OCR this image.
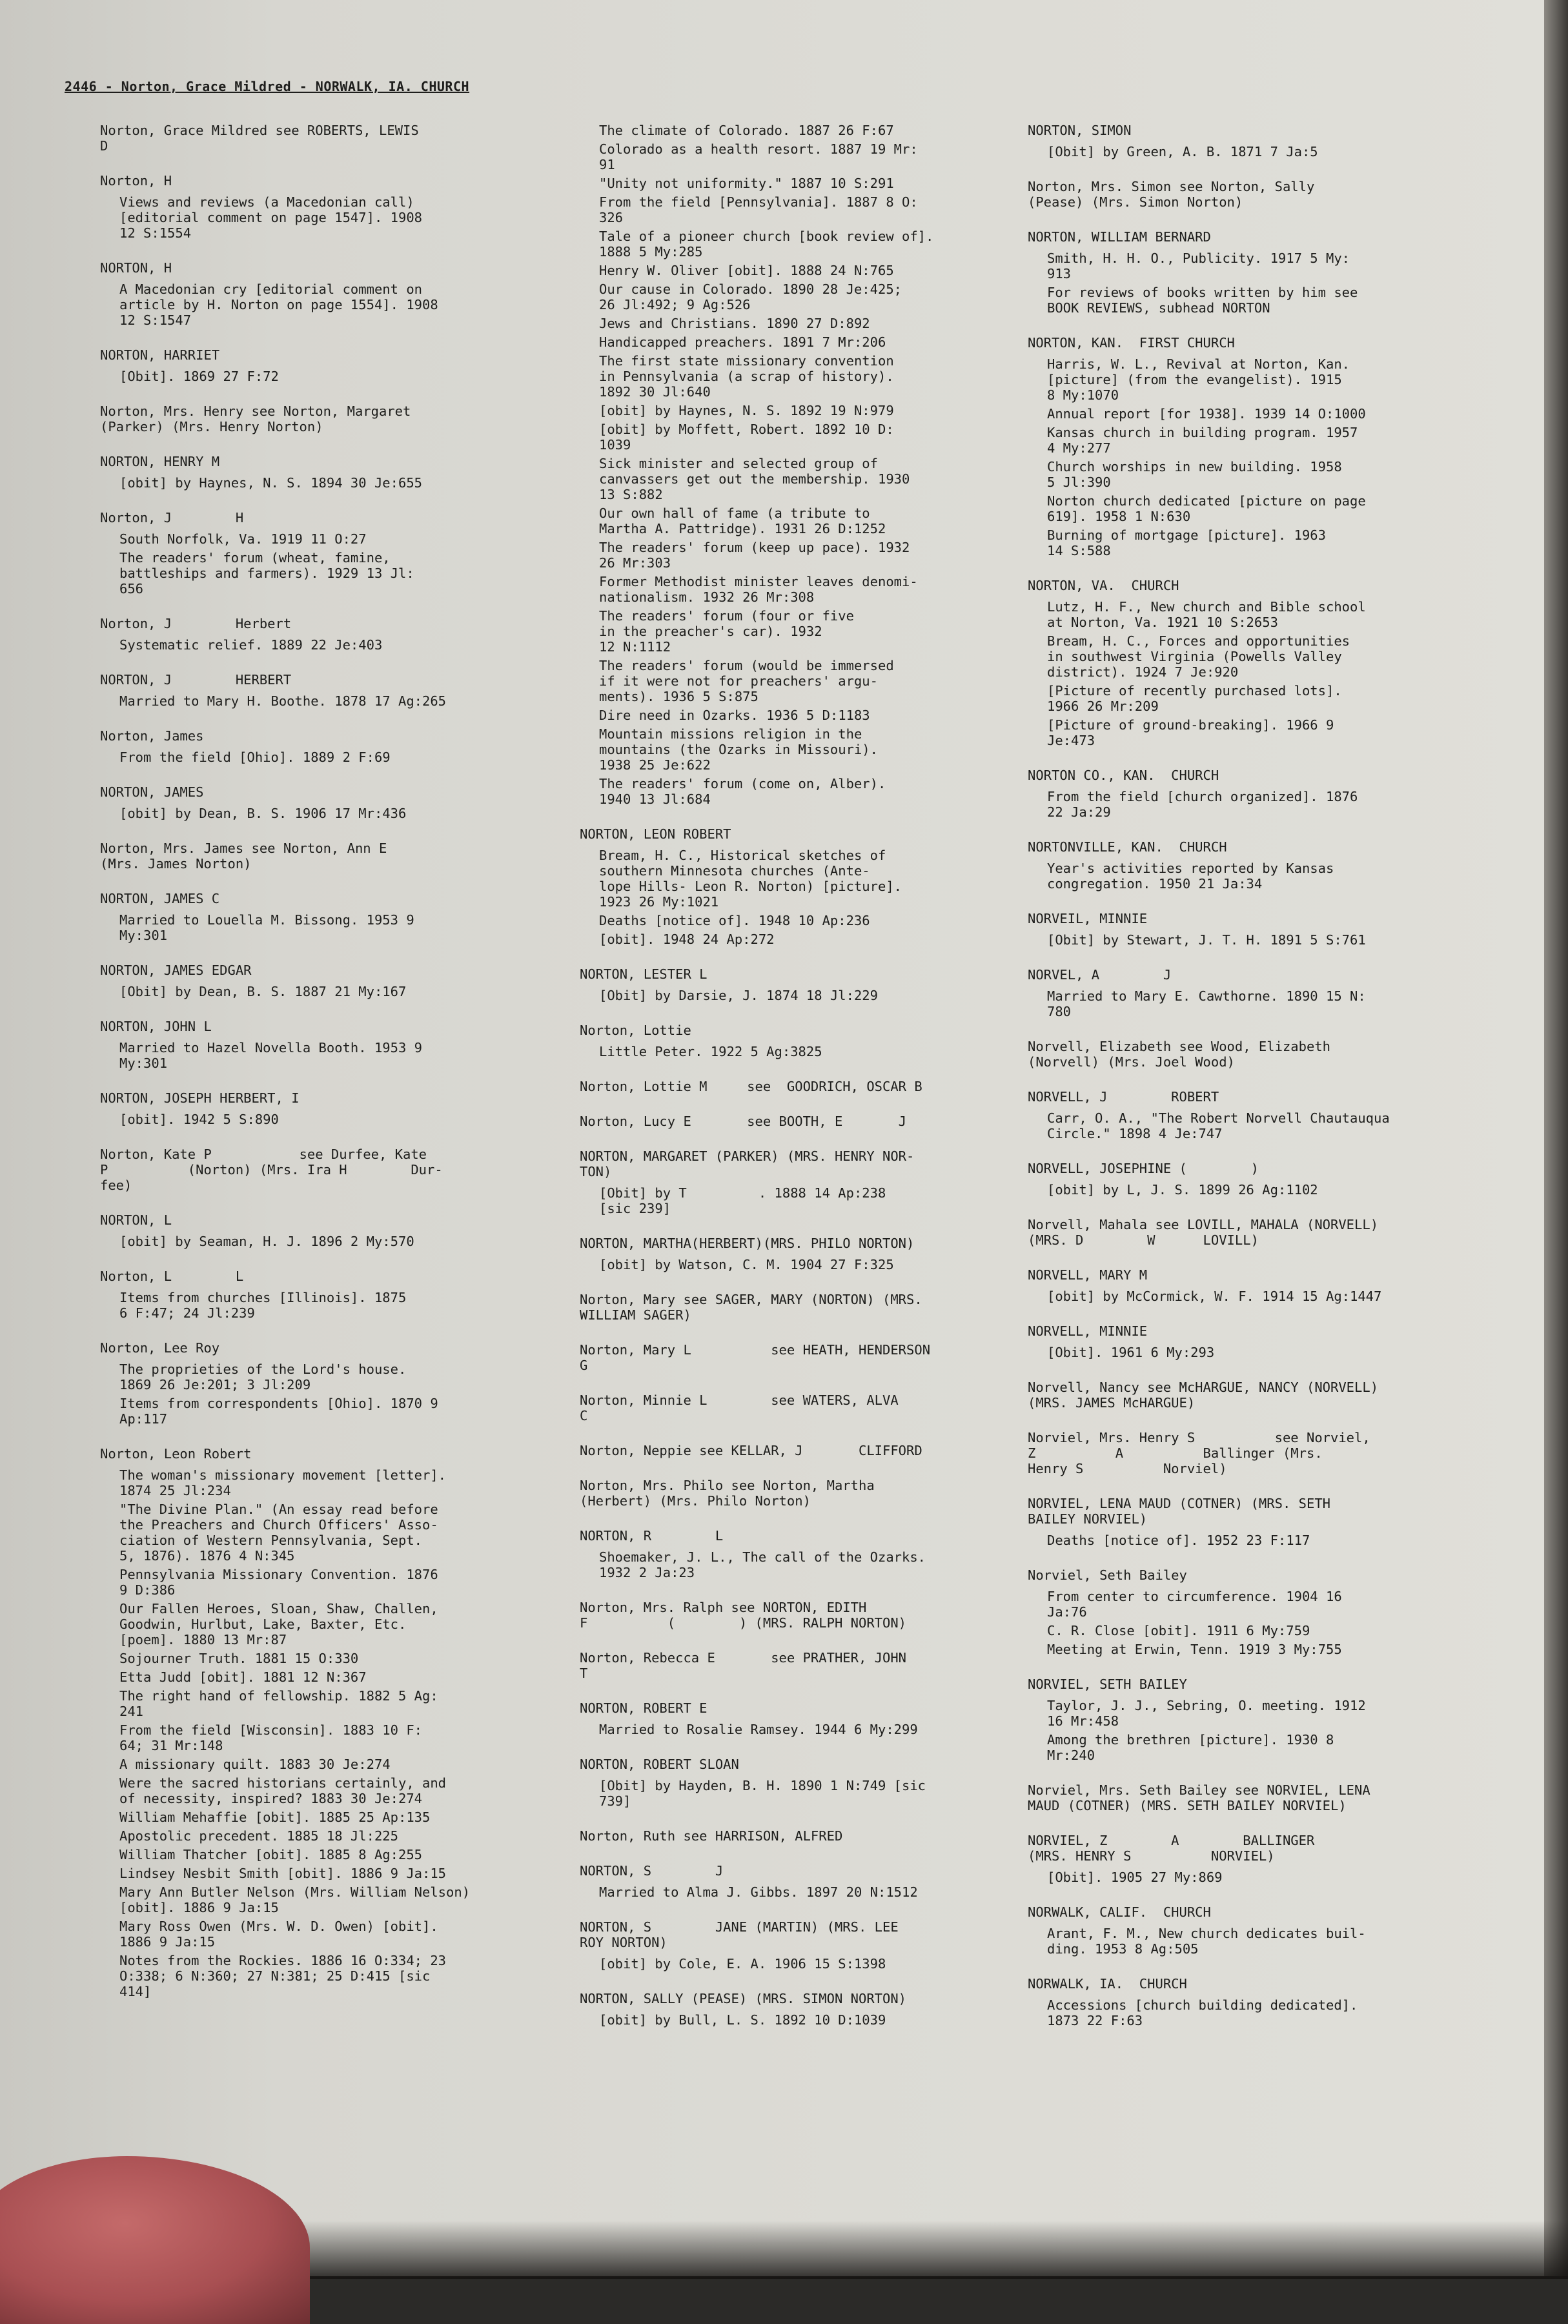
2446 - Norton, Grace Mildred - NORWALK, IA. CHURCH
Norton, Grace Mildred see ROBERTS, LEWIS
D
Norton, H
Views and reviews (a Macedonian call)
[editorial comment on page 1547]. 1908
12 S:1554
NORTON, H
A Macedonian cry [editorial comment on
article by H. Norton on page 1554]. 1908
12 S:1547
NORTON, HARRIET
[Obit]. 1869 27 F:72
Norton, Mrs. Henry see Norton, Margaret
(Parker) (Mrs. Henry Norton)
NORTON, HENRY M
[obit] by Haynes, N. S. 1894 30 Je:655
Norton, J        H
South Norfolk, Va. 1919 11 O:27
The readers' forum (wheat, famine,
battleships and farmers). 1929 13 Jl:
656
Norton, J        Herbert
Systematic relief. 1889 22 Je:403
NORTON, J        HERBERT
Married to Mary H. Boothe. 1878 17 Ag:265
Norton, James
From the field [Ohio]. 1889 2 F:69
NORTON, JAMES
[obit] by Dean, B. S. 1906 17 Mr:436
Norton, Mrs. James see Norton, Ann E
(Mrs. James Norton)
NORTON, JAMES C
Married to Louella M. Bissong. 1953 9
My:301
NORTON, JAMES EDGAR
[Obit] by Dean, B. S. 1887 21 My:167
NORTON, JOHN L
Married to Hazel Novella Booth. 1953 9
My:301
NORTON, JOSEPH HERBERT, I
[obit]. 1942 5 S:890
Norton, Kate P           see Durfee, Kate
P          (Norton) (Mrs. Ira H        Dur-
fee)
NORTON, L
[obit] by Seaman, H. J. 1896 2 My:570
Norton, L        L
Items from churches [Illinois]. 1875
6 F:47; 24 Jl:239
Norton, Lee Roy
The proprieties of the Lord's house.
1869 26 Je:201; 3 Jl:209
Items from correspondents [Ohio]. 1870 9
Ap:117
Norton, Leon Robert
The woman's missionary movement [letter].
1874 25 Jl:234
"The Divine Plan." (An essay read before
the Preachers and Church Officers' Asso-
ciation of Western Pennsylvania, Sept.
5, 1876). 1876 4 N:345
Pennsylvania Missionary Convention. 1876
9 D:386
Our Fallen Heroes, Sloan, Shaw, Challen,
Goodwin, Hurlbut, Lake, Baxter, Etc.
[poem]. 1880 13 Mr:87
Sojourner Truth. 1881 15 O:330
Etta Judd [obit]. 1881 12 N:367
The right hand of fellowship. 1882 5 Ag:
241
From the field [Wisconsin]. 1883 10 F:
64; 31 Mr:148
A missionary quilt. 1883 30 Je:274
Were the sacred historians certainly, and
of necessity, inspired? 1883 30 Je:274
William Mehaffie [obit]. 1885 25 Ap:135
Apostolic precedent. 1885 18 Jl:225
William Thatcher [obit]. 1885 8 Ag:255
Lindsey Nesbit Smith [obit]. 1886 9 Ja:15
Mary Ann Butler Nelson (Mrs. William Nelson)
[obit]. 1886 9 Ja:15
Mary Ross Owen (Mrs. W. D. Owen) [obit].
1886 9 Ja:15
Notes from the Rockies. 1886 16 O:334; 23
O:338; 6 N:360; 27 N:381; 25 D:415 [sic
414]
The climate of Colorado. 1887 26 F:67
Colorado as a health resort. 1887 19 Mr:
91
"Unity not uniformity." 1887 10 S:291
From the field [Pennsylvania]. 1887 8 O:
326
Tale of a pioneer church [book review of].
1888 5 My:285
Henry W. Oliver [obit]. 1888 24 N:765
Our cause in Colorado. 1890 28 Je:425;
26 Jl:492; 9 Ag:526
Jews and Christians. 1890 27 D:892
Handicapped preachers. 1891 7 Mr:206
The first state missionary convention
in Pennsylvania (a scrap of history).
1892 30 Jl:640
[obit] by Haynes, N. S. 1892 19 N:979
[obit] by Moffett, Robert. 1892 10 D:
1039
Sick minister and selected group of
canvassers get out the membership. 1930
13 S:882
Our own hall of fame (a tribute to
Martha A. Pattridge). 1931 26 D:1252
The readers' forum (keep up pace). 1932
26 Mr:303
Former Methodist minister leaves denomi-
nationalism. 1932 26 Mr:308
The readers' forum (four or five
in the preacher's car). 1932
12 N:1112
The readers' forum (would be immersed
if it were not for preachers' argu-
ments). 1936 5 S:875
Dire need in Ozarks. 1936 5 D:1183
Mountain missions religion in the
mountains (the Ozarks in Missouri).
1938 25 Je:622
The readers' forum (come on, Alber).
1940 13 Jl:684
NORTON, LEON ROBERT
Bream, H. C., Historical sketches of
southern Minnesota churches (Ante-
lope Hills- Leon R. Norton) [picture].
1923 26 My:1021
Deaths [notice of]. 1948 10 Ap:236
[obit]. 1948 24 Ap:272
NORTON, LESTER L
[Obit] by Darsie, J. 1874 18 Jl:229
Norton, Lottie
Little Peter. 1922 5 Ag:3825
Norton, Lottie M     see  GOODRICH, OSCAR B
Norton, Lucy E       see BOOTH, E       J
NORTON, MARGARET (PARKER) (MRS. HENRY NOR-
TON)
[Obit] by T         . 1888 14 Ap:238
[sic 239]
NORTON, MARTHA(HERBERT)(MRS. PHILO NORTON)
[obit] by Watson, C. M. 1904 27 F:325
Norton, Mary see SAGER, MARY (NORTON) (MRS.
WILLIAM SAGER)
Norton, Mary L          see HEATH, HENDERSON
G
Norton, Minnie L        see WATERS, ALVA
C
Norton, Neppie see KELLAR, J       CLIFFORD
Norton, Mrs. Philo see Norton, Martha
(Herbert) (Mrs. Philo Norton)
NORTON, R        L
Shoemaker, J. L., The call of the Ozarks.
1932 2 Ja:23
Norton, Mrs. Ralph see NORTON, EDITH
F          (        ) (MRS. RALPH NORTON)
Norton, Rebecca E       see PRATHER, JOHN
T
NORTON, ROBERT E
Married to Rosalie Ramsey. 1944 6 My:299
NORTON, ROBERT SLOAN
[Obit] by Hayden, B. H. 1890 1 N:749 [sic
739]
Norton, Ruth see HARRISON, ALFRED
NORTON, S        J
Married to Alma J. Gibbs. 1897 20 N:1512
NORTON, S        JANE (MARTIN) (MRS. LEE
ROY NORTON)
[obit] by Cole, E. A. 1906 15 S:1398
NORTON, SALLY (PEASE) (MRS. SIMON NORTON)
[obit] by Bull, L. S. 1892 10 D:1039
NORTON, SIMON
[Obit] by Green, A. B. 1871 7 Ja:5
Norton, Mrs. Simon see Norton, Sally
(Pease) (Mrs. Simon Norton)
NORTON, WILLIAM BERNARD
Smith, H. H. O., Publicity. 1917 5 My:
913
For reviews of books written by him see
BOOK REVIEWS, subhead NORTON
NORTON, KAN.  FIRST CHURCH
Harris, W. L., Revival at Norton, Kan.
[picture] (from the evangelist). 1915
8 My:1070
Annual report [for 1938]. 1939 14 O:1000
Kansas church in building program. 1957
4 My:277
Church worships in new building. 1958
5 Jl:390
Norton church dedicated [picture on page
619]. 1958 1 N:630
Burning of mortgage [picture]. 1963
14 S:588
NORTON, VA.  CHURCH
Lutz, H. F., New church and Bible school
at Norton, Va. 1921 10 S:2653
Bream, H. C., Forces and opportunities
in southwest Virginia (Powells Valley
district). 1924 7 Je:920
[Picture of recently purchased lots].
1966 26 Mr:209
[Picture of ground-breaking]. 1966 9
Je:473
NORTON CO., KAN.  CHURCH
From the field [church organized]. 1876
22 Ja:29
NORTONVILLE, KAN.  CHURCH
Year's activities reported by Kansas
congregation. 1950 21 Ja:34
NORVEIL, MINNIE
[Obit] by Stewart, J. T. H. 1891 5 S:761
NORVEL, A        J
Married to Mary E. Cawthorne. 1890 15 N:
780
Norvell, Elizabeth see Wood, Elizabeth
(Norvell) (Mrs. Joel Wood)
NORVELL, J        ROBERT
Carr, O. A., "The Robert Norvell Chautauqua
Circle." 1898 4 Je:747
NORVELL, JOSEPHINE (        )
[obit] by L, J. S. 1899 26 Ag:1102
Norvell, Mahala see LOVILL, MAHALA (NORVELL)
(MRS. D        W      LOVILL)
NORVELL, MARY M
[obit] by McCormick, W. F. 1914 15 Ag:1447
NORVELL, MINNIE
[Obit]. 1961 6 My:293
Norvell, Nancy see McHARGUE, NANCY (NORVELL)
(MRS. JAMES McHARGUE)
Norviel, Mrs. Henry S          see Norviel,
Z          A          Ballinger (Mrs.
Henry S          Norviel)
NORVIEL, LENA MAUD (COTNER) (MRS. SETH
BAILEY NORVIEL)
Deaths [notice of]. 1952 23 F:117
Norviel, Seth Bailey
From center to circumference. 1904 16
Ja:76
C. R. Close [obit]. 1911 6 My:759
Meeting at Erwin, Tenn. 1919 3 My:755
NORVIEL, SETH BAILEY
Taylor, J. J., Sebring, O. meeting. 1912
16 Mr:458
Among the brethren [picture]. 1930 8
Mr:240
Norviel, Mrs. Seth Bailey see NORVIEL, LENA
MAUD (COTNER) (MRS. SETH BAILEY NORVIEL)
NORVIEL, Z        A        BALLINGER
(MRS. HENRY S          NORVIEL)
[Obit]. 1905 27 My:869
NORWALK, CALIF.  CHURCH
Arant, F. M., New church dedicates buil-
ding. 1953 8 Ag:505
NORWALK, IA.  CHURCH
Accessions [church building dedicated].
1873 22 F:63
